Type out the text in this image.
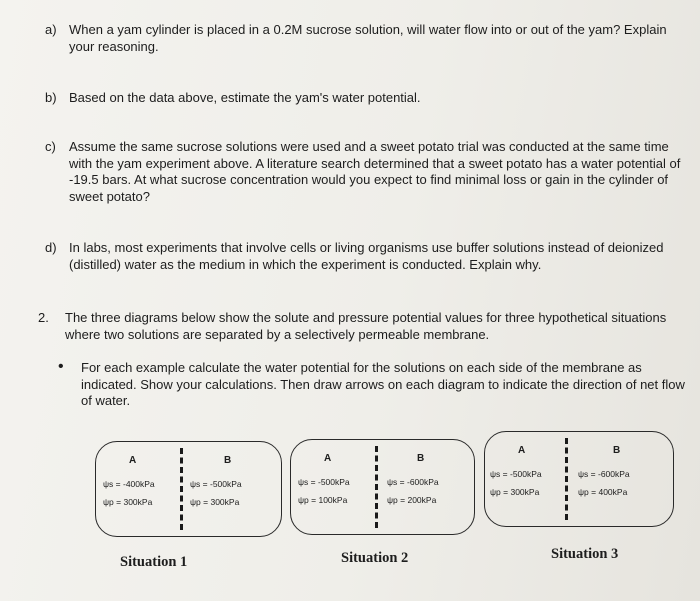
a) When a yam cylinder is placed in a 0.2M sucrose solution, will water flow into or out of the yam? Explain your reasoning.
b) Based on the data above, estimate the yam's water potential.
c) Assume the same sucrose solutions were used and a sweet potato trial was conducted at the same time with the yam experiment above. A literature search determined that a sweet potato has a water potential of -19.5 bars. At what sucrose concentration would you expect to find minimal loss or gain in the cylinder of sweet potato?
d) In labs, most experiments that involve cells or living organisms use buffer solutions instead of deionized (distilled) water as the medium in which the experiment is conducted. Explain why.
2. The three diagrams below show the solute and pressure potential values for three hypothetical situations where two solutions are separated by a selectively permeable membrane.
• For each example calculate the water potential for the solutions on each side of the membrane as indicated. Show your calculations. Then draw arrows on each diagram to indicate the direction of net flow of water.
A	B
ψs = -400kPa
ψp = 300kPa
ψs = -500kPa
ψp = 300kPa
Situation 1
A	B
ψs = -500kPa
ψp = 100kPa
ψs = -600kPa
ψp = 200kPa
Situation 2
A	B
ψs = -500kPa
ψp = 300kPa
ψs = -600kPa
ψp = 400kPa
Situation 3
